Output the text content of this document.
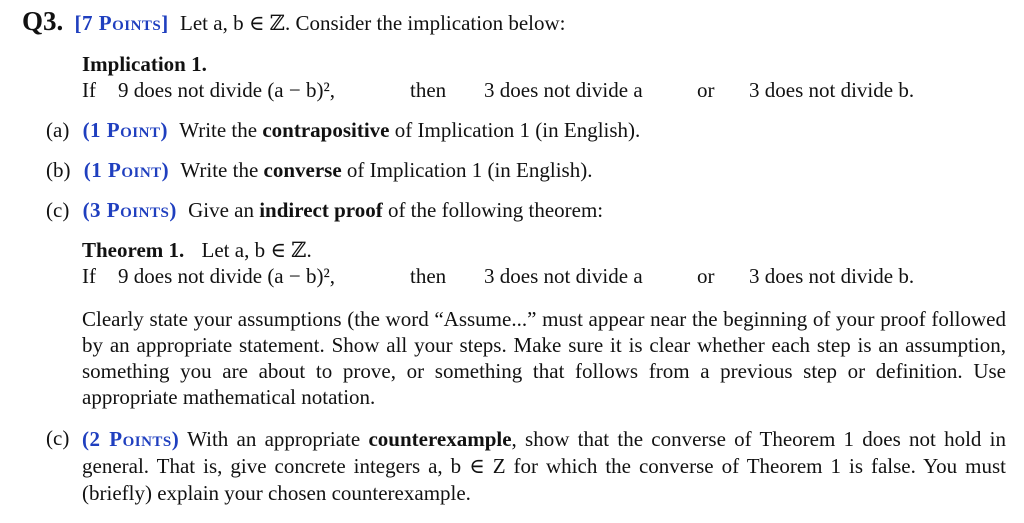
Q3. [7 Points] Let a, b ∈ ℤ. Consider the implication below:
Implication 1.
If 9 does not divide (a − b)²,	then 3 does not divide a	or 3 does not divide b.
(a) (1 Point) Write the contrapositive of Implication 1 (in English).
(b) (1 Point) Write the converse of Implication 1 (in English).
(c) (3 Points) Give an indirect proof of the following theorem:
Theorem 1. Let a, b ∈ ℤ.
If 9 does not divide (a − b)²,	then 3 does not divide a	or 3 does not divide b.
Clearly state your assumptions (the word “Assume...” must appear near the beginning of your proof followed by an appropriate statement. Show all your steps. Make sure it is clear whether each step is an assumption, something you are about to prove, or something that follows from a previous step or definition. Use appropriate mathematical notation.
(c) (2 Points) With an appropriate counterexample, show that the converse of Theorem 1 does not hold in general. That is, give concrete integers a, b ∈ Z for which the converse of Theorem 1 is false. You must (briefly) explain your chosen counterexample.
